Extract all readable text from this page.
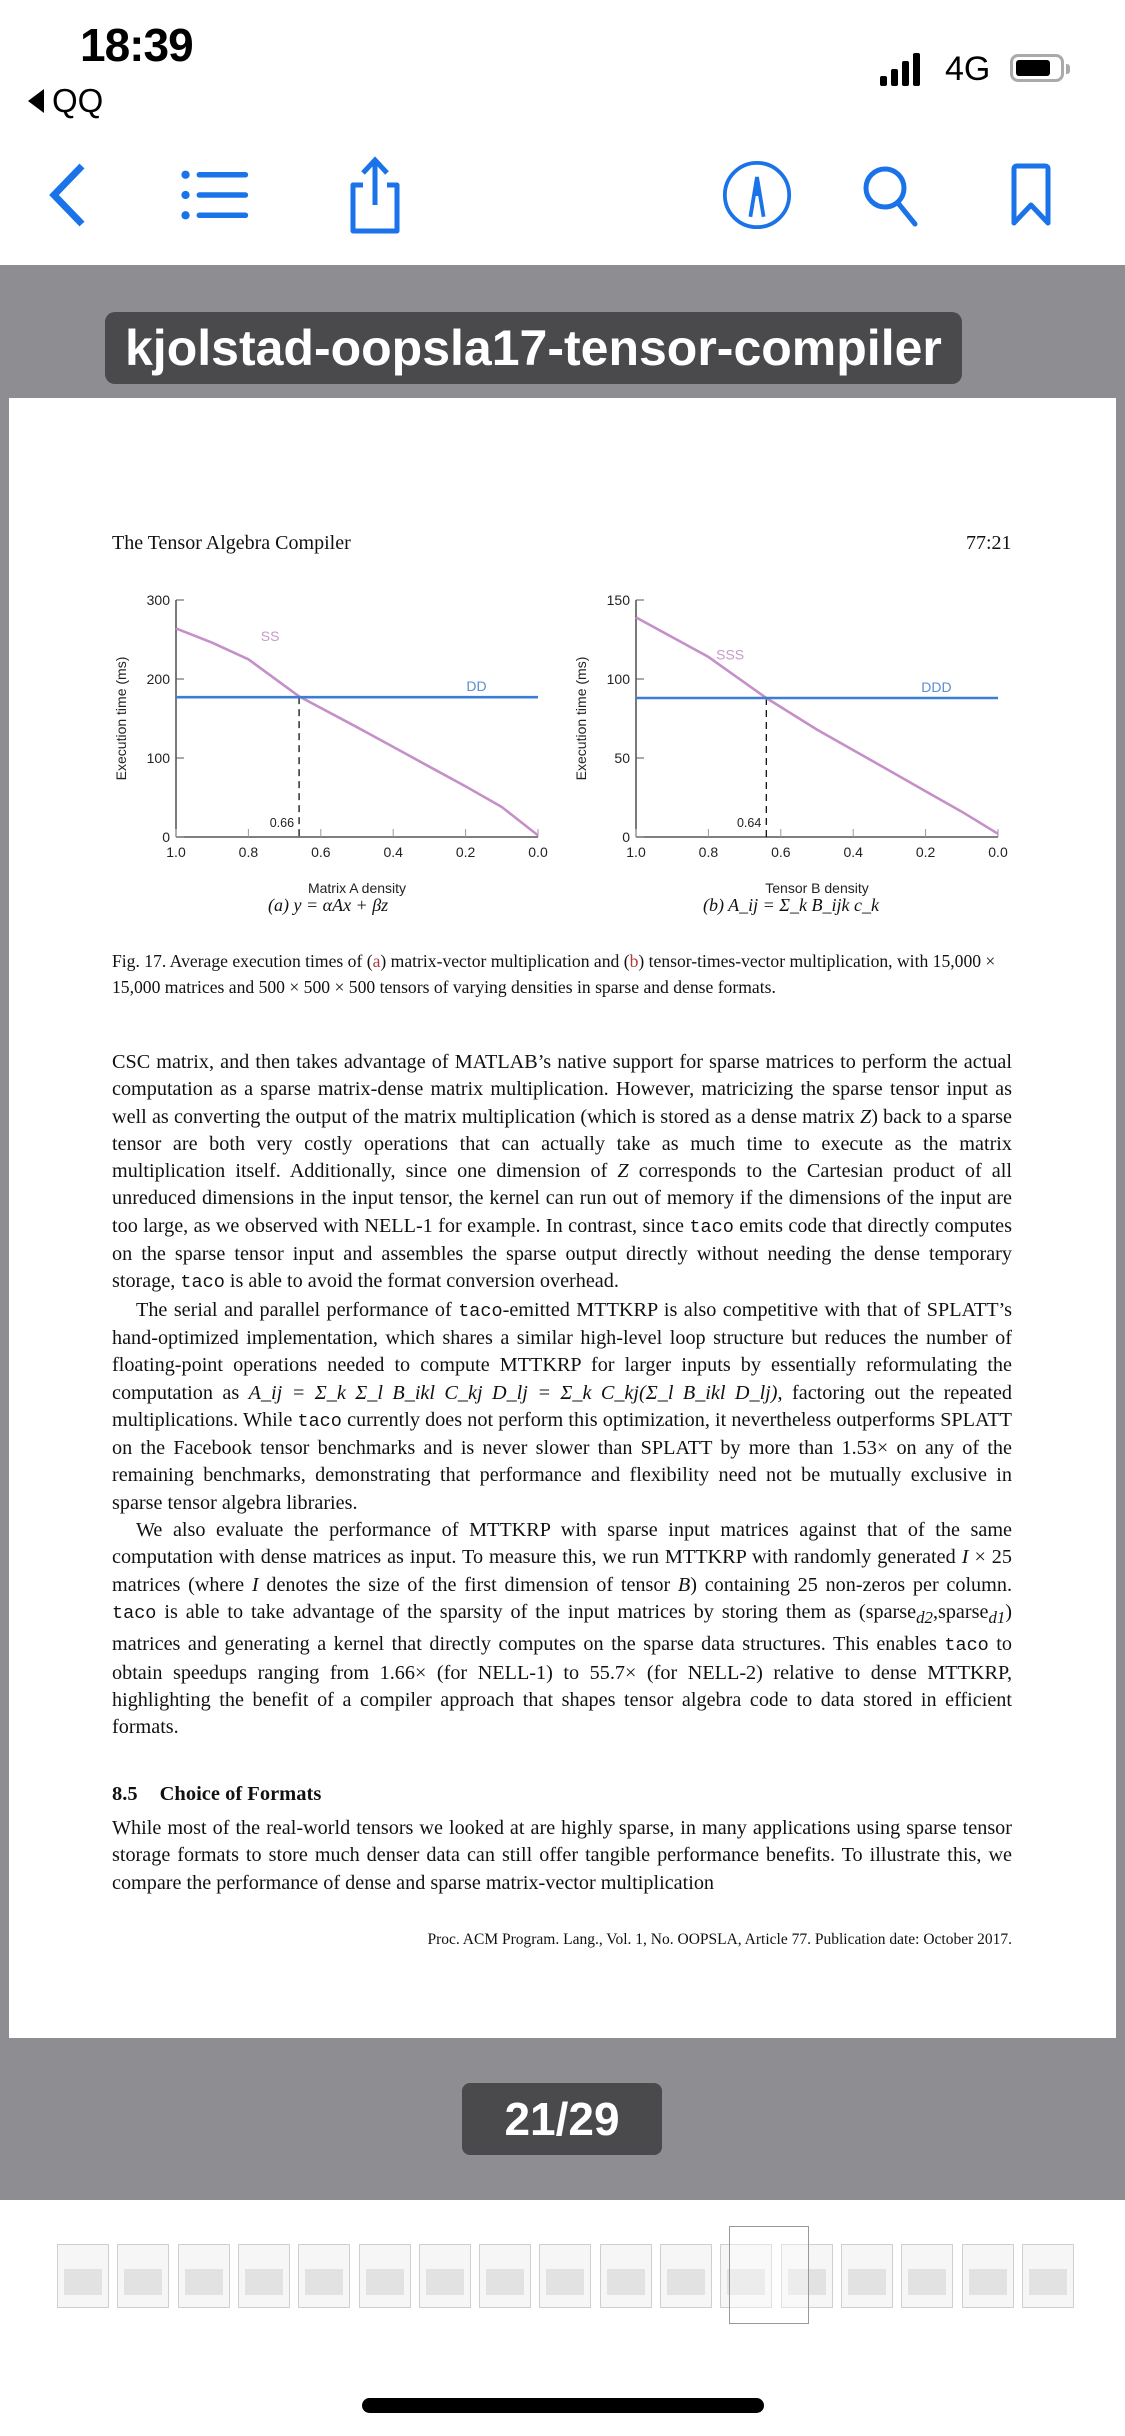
18:39
QQ
4G
kjolstad-oopsla17-tensor-compiler
The Tensor Algebra Compiler	77:21
0
100
200
300
1.0	0.8	0.6	0.4	0.2	0.0
Matrix A density
Execution time (ms)
0.66
SS
DD
0
50
100
150
1.0	0.8	0.6	0.4	0.2	0.0
Tensor B density
Execution time (ms)
0.64
SSS
DDD
(a) y = αAx + βz	(b) A_ij = Σ_k B_ijk c_k
Fig. 17. Average execution times of (a) matrix-vector multiplication and (b) tensor-times-vector multiplication, with 15,000 × 15,000 matrices and 500 × 500 × 500 tensors of varying densities in sparse and dense formats.

CSC matrix, and then takes advantage of MATLAB’s native support for sparse matrices to perform the actual computation as a sparse matrix-dense matrix multiplication. However, matricizing the sparse tensor input as well as converting the output of the matrix multiplication (which is stored as a dense matrix Z) back to a sparse tensor are both very costly operations that can actually take as much time to execute as the matrix multiplication itself. Additionally, since one dimension of Z corresponds to the Cartesian product of all unreduced dimensions in the input tensor, the kernel can run out of memory if the dimensions of the input are too large, as we observed with NELL-1 for example. In contrast, since taco emits code that directly computes on the sparse tensor input and assembles the sparse output directly without needing the dense temporary storage, taco is able to avoid the format conversion overhead.

The serial and parallel performance of taco-emitted MTTKRP is also competitive with that of SPLATT’s hand-optimized implementation, which shares a similar high-level loop structure but reduces the number of floating-point operations needed to compute MTTKRP for larger inputs by essentially reformulating the computation as A_ij = Σ_k Σ_l B_ikl C_kj D_lj = Σ_k C_kj(Σ_l B_ikl D_lj), factoring out the repeated multiplications. While taco currently does not perform this optimization, it nevertheless outperforms SPLATT on the Facebook tensor benchmarks and is never slower than SPLATT by more than 1.53× on any of the remaining benchmarks, demonstrating that performance and flexibility need not be mutually exclusive in sparse tensor algebra libraries.

We also evaluate the performance of MTTKRP with sparse input matrices against that of the same computation with dense matrices as input. To measure this, we run MTTKRP with randomly generated I × 25 matrices (where I denotes the size of the first dimension of tensor B) containing 25 non-zeros per column. taco is able to take advantage of the sparsity of the input matrices by storing them as (sparse$_{d2}$,sparse$_{d1}$) matrices and generating a kernel that directly computes on the sparse data structures. This enables taco to obtain speedups ranging from 1.66× (for NELL-1) to 55.7× (for NELL-2) relative to dense MTTKRP, highlighting the benefit of a compiler approach that shapes tensor algebra code to data stored in efficient formats.

8.5 Choice of Formats
While most of the real-world tensors we looked at are highly sparse, in many applications using sparse tensor storage formats to store much denser data can still offer tangible performance benefits. To illustrate this, we compare the performance of dense and sparse matrix-vector multiplication
Proc. ACM Program. Lang., Vol. 1, No. OOPSLA, Article 77. Publication date: October 2017.
21/29
